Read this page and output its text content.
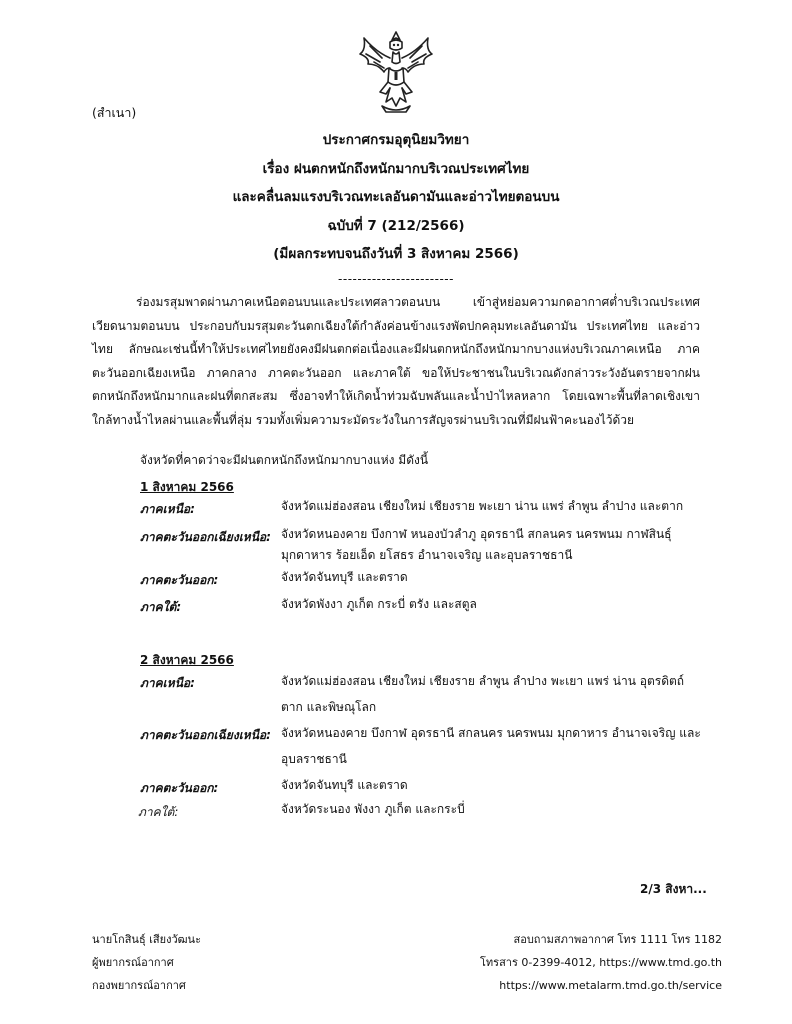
(สำเนา)
ประกาศกรมอุตุนิยมวิทยา
เรื่อง ฝนตกหนักถึงหนักมากบริเวณประเทศไทย
และคลื่นลมแรงบริเวณทะเลอันดามันและอ่าวไทยตอนบน
ฉบับที่ 7 (212/2566)
(มีผลกระทบจนถึงวันที่ 3 สิงหาคม 2566)
------------------------

ร่องมรสุมพาดผ่านภาคเหนือตอนบนและประเทศลาวตอนบน เข้าสู่หย่อมความกดอากาศต่ำบริเวณประเทศเวียดนามตอนบน ประกอบกับมรสุมตะวันตกเฉียงใต้กำลังค่อนข้างแรงพัดปกคลุมทะเลอันดามัน ประเทศไทย และอ่าวไทย ลักษณะเช่นนี้ทำให้ประเทศไทยยังคงมีฝนตกต่อเนื่องและมีฝนตกหนักถึงหนักมากบางแห่งบริเวณภาคเหนือ ภาคตะวันออกเฉียงเหนือ ภาคกลาง ภาคตะวันออก และภาคใต้ ขอให้ประชาชนในบริเวณดังกล่าวระวังอันตรายจากฝนตกหนักถึงหนักมากและฝนที่ตกสะสม ซึ่งอาจทำให้เกิดน้ำท่วมฉับพลันและน้ำป่าไหลหลาก โดยเฉพาะพื้นที่ลาดเชิงเขาใกล้ทางน้ำไหลผ่านและพื้นที่ลุ่ม รวมทั้งเพิ่มความระมัดระวังในการสัญจรผ่านบริเวณที่มีฝนฟ้าคะนองไว้ด้วย

จังหวัดที่คาดว่าจะมีฝนตกหนักถึงหนักมากบางแห่ง มีดังนี้
1 สิงหาคม 2566
ภาคเหนือ:	จังหวัดแม่ฮ่องสอน เชียงใหม่ เชียงราย พะเยา น่าน แพร่ ลำพูน ลำปาง และตาก
ภาคตะวันออกเฉียงเหนือ: จังหวัดหนองคาย บึงกาฬ หนองบัวลำภู อุดรธานี สกลนคร นครพนม กาฬสินธุ์ มุกดาหาร ร้อยเอ็ด ยโสธร อำนาจเจริญ และอุบลราชธานี
ภาคตะวันออก:	จังหวัดจันทบุรี และตราด
ภาคใต้:	จังหวัดพังงา ภูเก็ต กระบี่ ตรัง และสตูล
2 สิงหาคม 2566
ภาคเหนือ:	จังหวัดแม่ฮ่องสอน เชียงใหม่ เชียงราย ลำพูน ลำปาง พะเยา แพร่ น่าน อุตรดิตถ์ ตาก และพิษณุโลก
ภาคตะวันออกเฉียงเหนือ: จังหวัดหนองคาย บึงกาฬ อุดรธานี สกลนคร นครพนม มุกดาหาร อำนาจเจริญ และอุบลราชธานี
ภาคตะวันออก:	จังหวัดจันทบุรี และตราด
ภาคใต้:	จังหวัดระนอง พังงา ภูเก็ต และกระบี่
2/3 สิงหา...
นายโกสินธุ์ เสียงวัฒนะ
ผู้พยากรณ์อากาศ
กองพยากรณ์อากาศ
สอบถามสภาพอากาศ โทร 1111 โทร 1182
โทรสาร 0-2399-4012, https://www.tmd.go.th
https://www.metalarm.tmd.go.th/service
